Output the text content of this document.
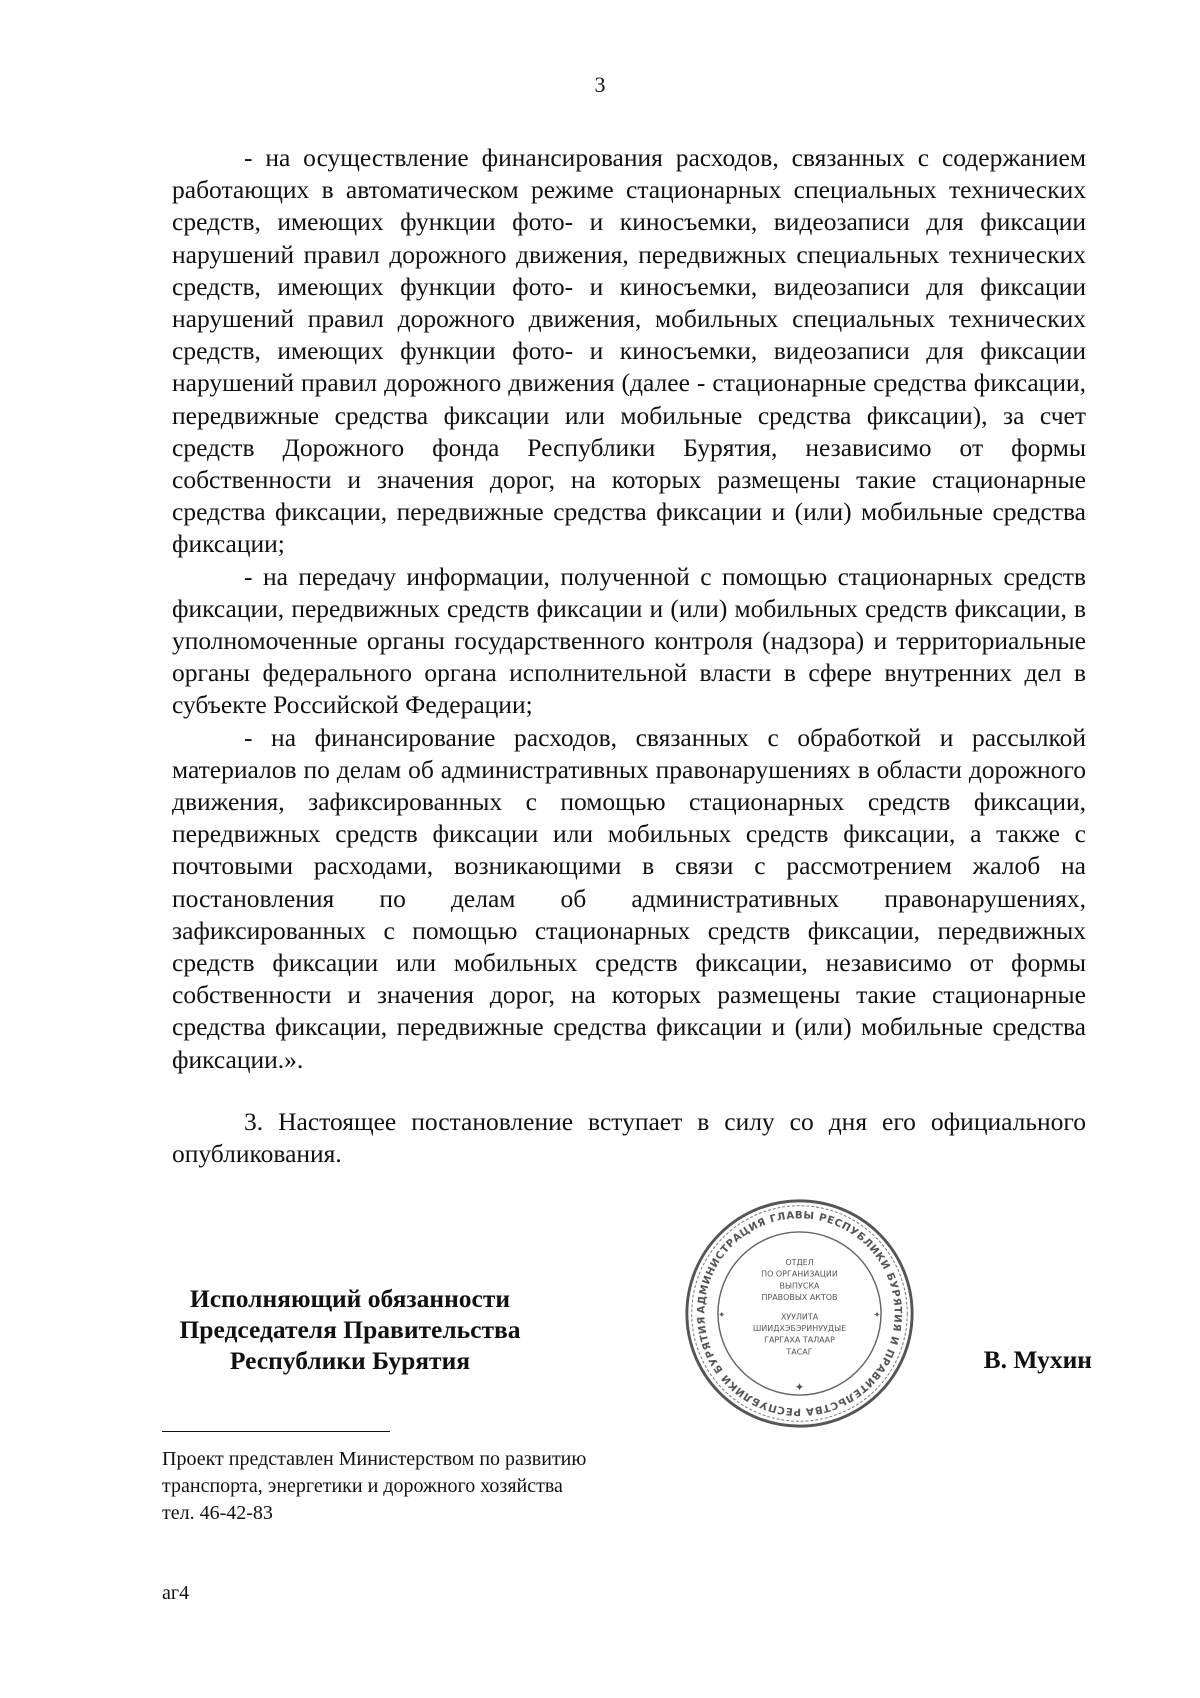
3

- на осуществление финансирования расходов, связанных с содержанием работающих в автоматическом режиме стационарных специальных технических средств, имеющих функции фото- и киносъемки, видеозаписи для фиксации нарушений правил дорожного движения, передвижных специальных технических средств, имеющих функции фото- и киносъемки, видеозаписи для фиксации нарушений правил дорожного движения, мобильных специальных технических средств, имеющих функции фото- и киносъемки, видеозаписи для фиксации нарушений правил дорожного движения (далее - стационарные средства фиксации, передвижные средства фиксации или мобильные средства фиксации), за счет средств Дорожного фонда Республики Бурятия, независимо от формы собственности и значения дорог, на которых размещены такие стационарные средства фиксации, передвижные средства фиксации и (или) мобильные средства фиксации;

- на передачу информации, полученной с помощью стационарных средств фиксации, передвижных средств фиксации и (или) мобильных средств фиксации, в уполномоченные органы государственного контроля (надзора) и территориальные органы федерального органа исполнительной власти в сфере внутренних дел в субъекте Российской Федерации;

- на финансирование расходов, связанных с обработкой и рассылкой материалов по делам об административных правонарушениях в области дорожного движения, зафиксированных с помощью стационарных средств фиксации, передвижных средств фиксации или мобильных средств фиксации, а также с почтовыми расходами, возникающими в связи с рассмотрением жалоб на постановления по делам об административных правонарушениях, зафиксированных с помощью стационарных средств фиксации, передвижных средств фиксации или мобильных средств фиксации, независимо от формы собственности и значения дорог, на которых размещены такие стационарные средства фиксации, передвижные средства фиксации и (или) мобильные средства фиксации.».

3. Настоящее постановление вступает в силу со дня его официального опубликования.

Исполняющий обязанности
Председателя Правительства
Республики Бурятия
АДМИНИСТРАЦИЯ ГЛАВЫ РЕСПУБЛИКИ БУРЯТИЯ И ПРАВИТЕЛЬСТВА РЕСПУБЛИКИ БУРЯТИЯ
ОТДЕЛ
ПО ОРГАНИЗАЦИИ
ВЫПУСКА
ПРАВОВЫХ АКТОВ
ХУУЛИТА
ШИИДХЭБЭРИНУУДЫЕ
ГАРГАХА ТАЛААР
ТАСАГ
✦
✦	✦
В. Мухин
Проект представлен Министерством по развитию
транспорта, энергетики и дорожного хозяйства
тел. 46-42-83
аг4
